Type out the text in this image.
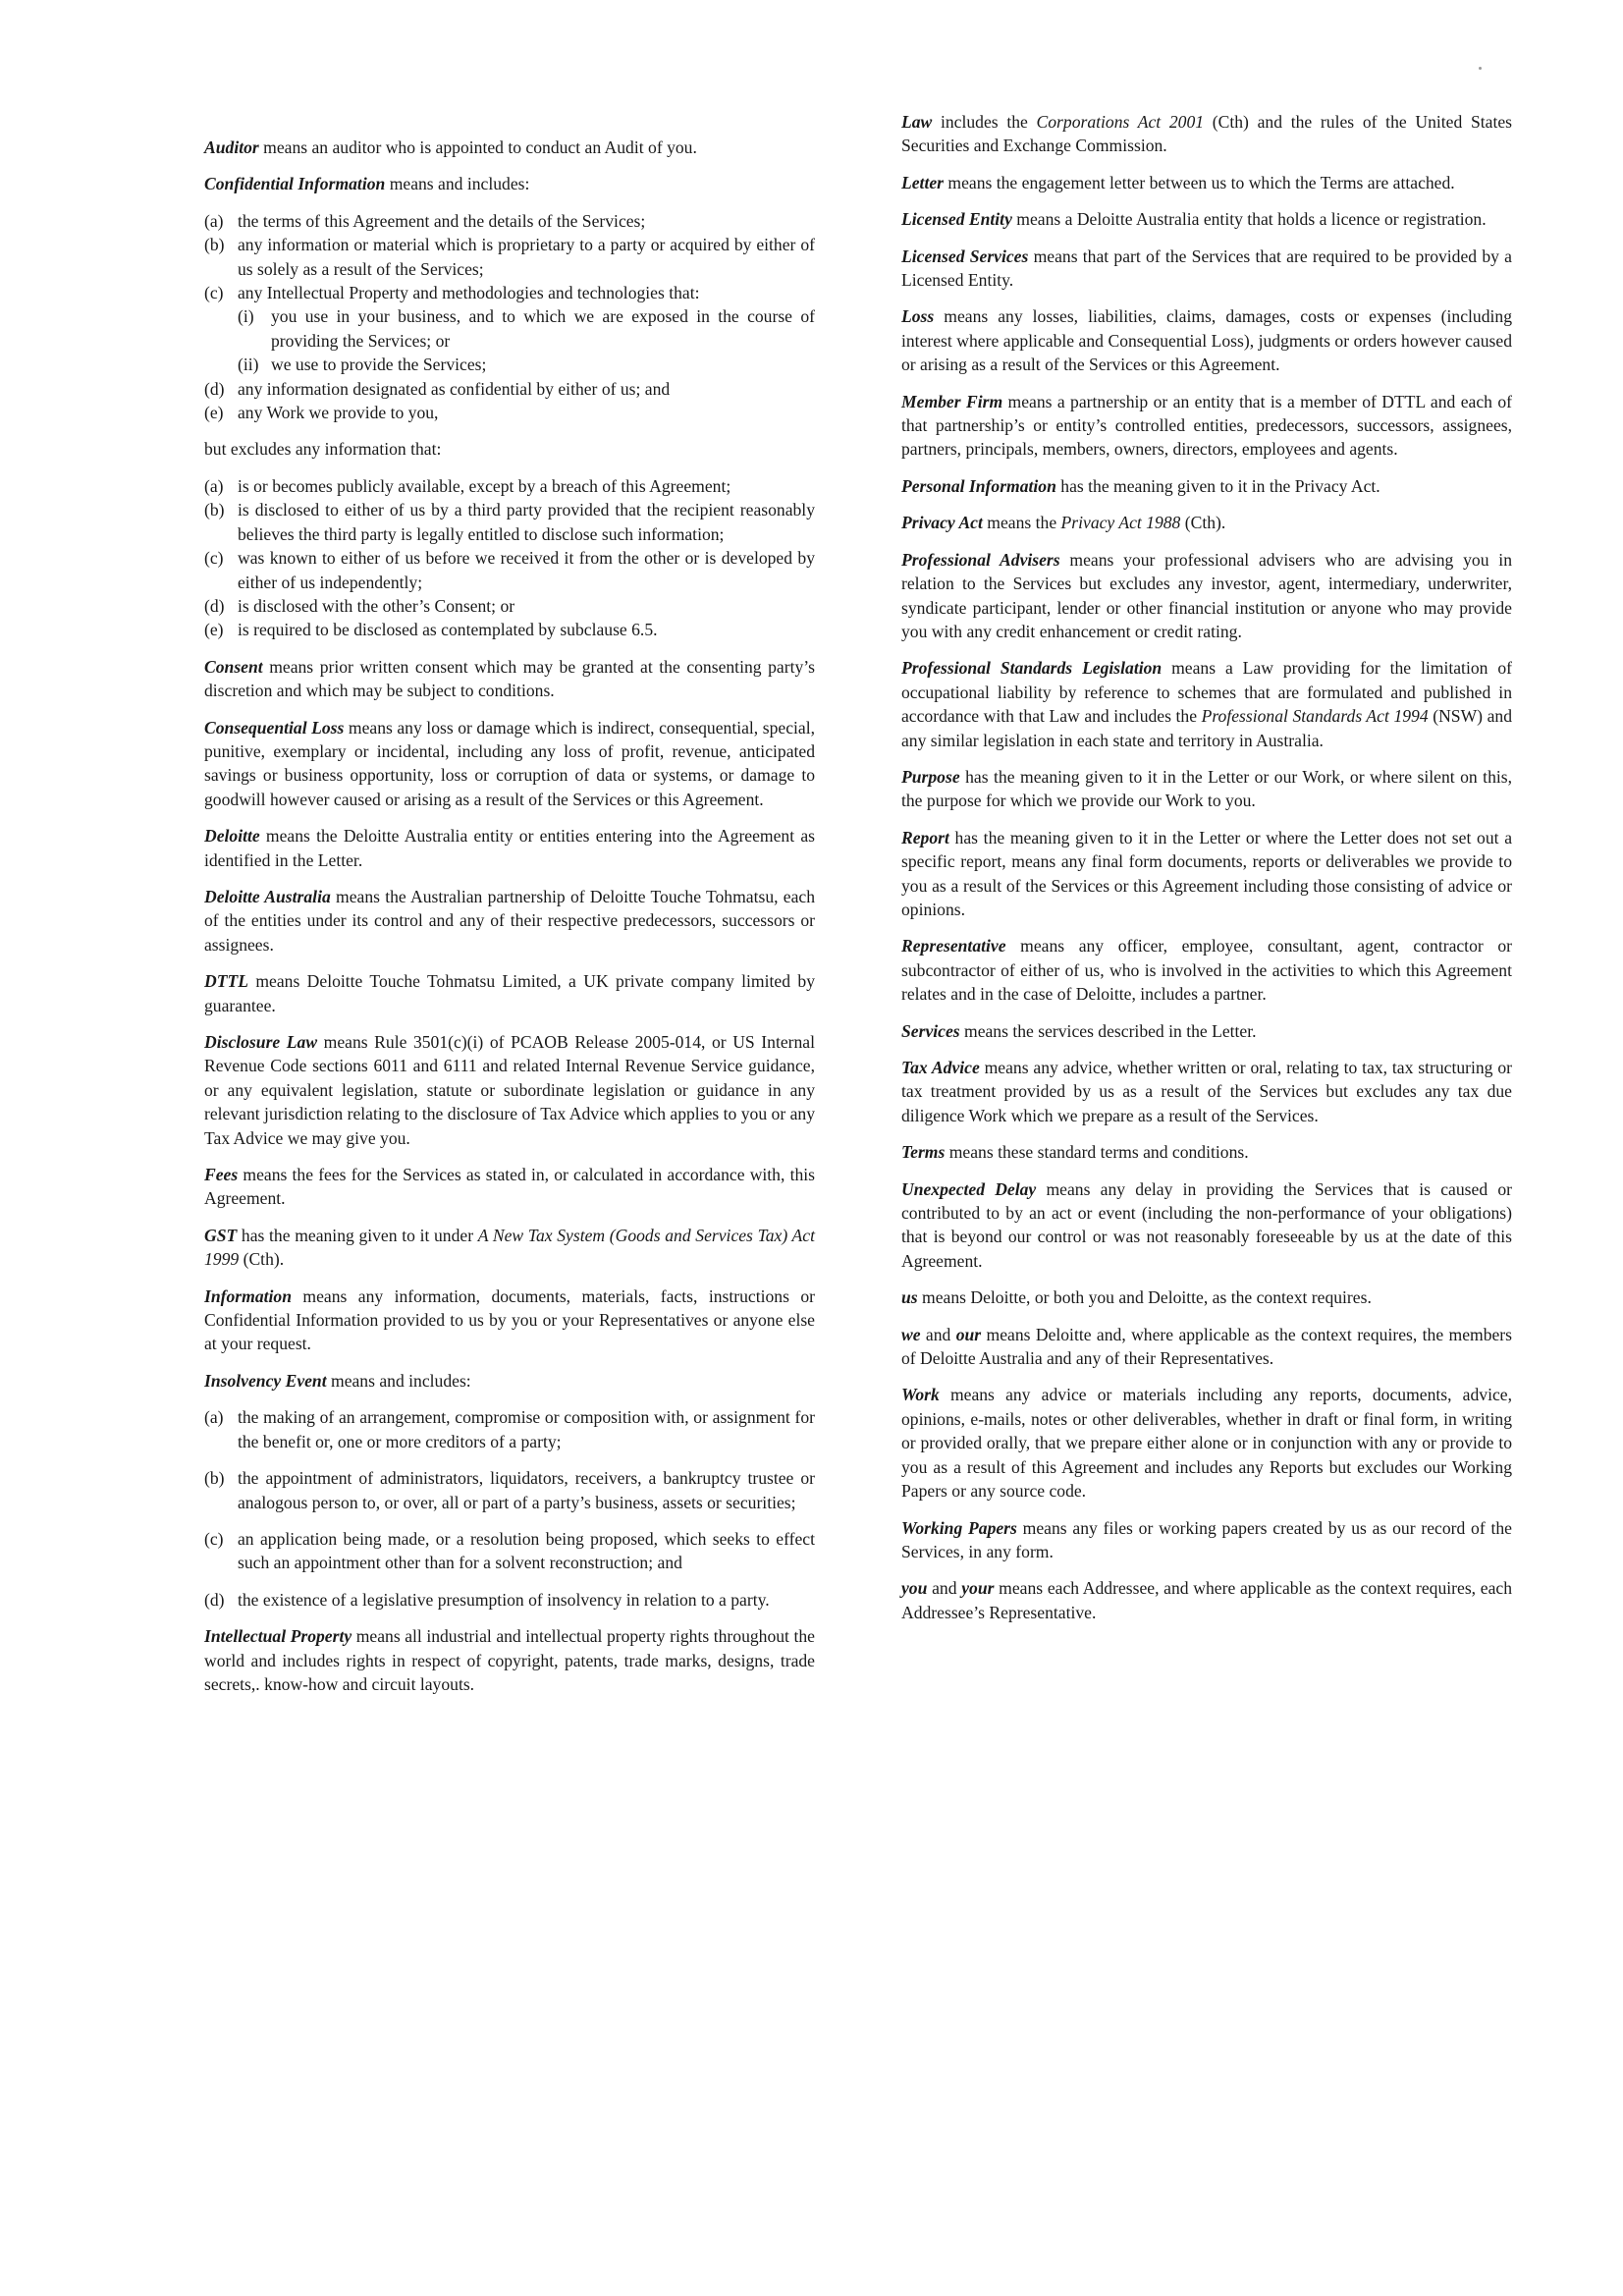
Auditor means an auditor who is appointed to conduct an Audit of you.

Confidential Information means and includes:

(a) the terms of this Agreement and the details of the Services;
(b) any information or material which is proprietary to a party or acquired by either of us solely as a result of the Services;
(c) any Intellectual Property and methodologies and technologies that:
(i) you use in your business, and to which we are exposed in the course of providing the Services; or
(ii) we use to provide the Services;
(d) any information designated as confidential by either of us; and
(e) any Work we provide to you,

but excludes any information that:

(a) is or becomes publicly available, except by a breach of this Agreement;
(b) is disclosed to either of us by a third party provided that the recipient reasonably believes the third party is legally entitled to disclose such information;
(c) was known to either of us before we received it from the other or is developed by either of us independently;
(d) is disclosed with the other’s Consent; or
(e) is required to be disclosed as contemplated by subclause 6.5.

Consent means prior written consent which may be granted at the consenting party’s discretion and which may be subject to conditions.

Consequential Loss means any loss or damage which is indirect, consequential, special, punitive, exemplary or incidental, including any loss of profit, revenue, anticipated savings or business opportunity, loss or corruption of data or systems, or damage to goodwill however caused or arising as a result of the Services or this Agreement.

Deloitte means the Deloitte Australia entity or entities entering into the Agreement as identified in the Letter.

Deloitte Australia means the Australian partnership of Deloitte Touche Tohmatsu, each of the entities under its control and any of their respective predecessors, successors or assignees.

DTTL means Deloitte Touche Tohmatsu Limited, a UK private company limited by guarantee.

Disclosure Law means Rule 3501(c)(i) of PCAOB Release 2005-014, or US Internal Revenue Code sections 6011 and 6111 and related Internal Revenue Service guidance, or any equivalent legislation, statute or subordinate legislation or guidance in any relevant jurisdiction relating to the disclosure of Tax Advice which applies to you or any Tax Advice we may give you.

Fees means the fees for the Services as stated in, or calculated in accordance with, this Agreement.

GST has the meaning given to it under A New Tax System (Goods and Services Tax) Act 1999 (Cth).

Information means any information, documents, materials, facts, instructions or Confidential Information provided to us by you or your Representatives or anyone else at your request.

Insolvency Event means and includes:

(a) the making of an arrangement, compromise or composition with, or assignment for the benefit or, one or more creditors of a party;
(b) the appointment of administrators, liquidators, receivers, a bankruptcy trustee or analogous person to, or over, all or part of a party’s business, assets or securities;
(c) an application being made, or a resolution being proposed, which seeks to effect such an appointment other than for a solvent reconstruction; and
(d) the existence of a legislative presumption of insolvency in relation to a party.

Intellectual Property means all industrial and intellectual property rights throughout the world and includes rights in respect of copyright, patents, trade marks, designs, trade secrets,. know-how and circuit layouts.

Law includes the Corporations Act 2001 (Cth) and the rules of the United States Securities and Exchange Commission.

Letter means the engagement letter between us to which the Terms are attached.

Licensed Entity means a Deloitte Australia entity that holds a licence or registration.

Licensed Services means that part of the Services that are required to be provided by a Licensed Entity.

Loss means any losses, liabilities, claims, damages, costs or expenses (including interest where applicable and Consequential Loss), judgments or orders however caused or arising as a result of the Services or this Agreement.

Member Firm means a partnership or an entity that is a member of DTTL and each of that partnership’s or entity’s controlled entities, predecessors, successors, assignees, partners, principals, members, owners, directors, employees and agents.

Personal Information has the meaning given to it in the Privacy Act.

Privacy Act means the Privacy Act 1988 (Cth).

Professional Advisers means your professional advisers who are advising you in relation to the Services but excludes any investor, agent, intermediary, underwriter, syndicate participant, lender or other financial institution or anyone who may provide you with any credit enhancement or credit rating.

Professional Standards Legislation means a Law providing for the limitation of occupational liability by reference to schemes that are formulated and published in accordance with that Law and includes the Professional Standards Act 1994 (NSW) and any similar legislation in each state and territory in Australia.

Purpose has the meaning given to it in the Letter or our Work, or where silent on this, the purpose for which we provide our Work to you.

Report has the meaning given to it in the Letter or where the Letter does not set out a specific report, means any final form documents, reports or deliverables we provide to you as a result of the Services or this Agreement including those consisting of advice or opinions.

Representative means any officer, employee, consultant, agent, contractor or subcontractor of either of us, who is involved in the activities to which this Agreement relates and in the case of Deloitte, includes a partner.

Services means the services described in the Letter.

Tax Advice means any advice, whether written or oral, relating to tax, tax structuring or tax treatment provided by us as a result of the Services but excludes any tax due diligence Work which we prepare as a result of the Services.

Terms means these standard terms and conditions.

Unexpected Delay means any delay in providing the Services that is caused or contributed to by an act or event (including the non-performance of your obligations) that is beyond our control or was not reasonably foreseeable by us at the date of this Agreement.

us means Deloitte, or both you and Deloitte, as the context requires.

we and our means Deloitte and, where applicable as the context requires, the members of Deloitte Australia and any of their Representatives.

Work means any advice or materials including any reports, documents, advice, opinions, e-mails, notes or other deliverables, whether in draft or final form, in writing or provided orally, that we prepare either alone or in conjunction with any or provide to you as a result of this Agreement and includes any Reports but excludes our Working Papers or any source code.

Working Papers means any files or working papers created by us as our record of the Services, in any form.

you and your means each Addressee, and where applicable as the context requires, each Addressee’s Representative.
